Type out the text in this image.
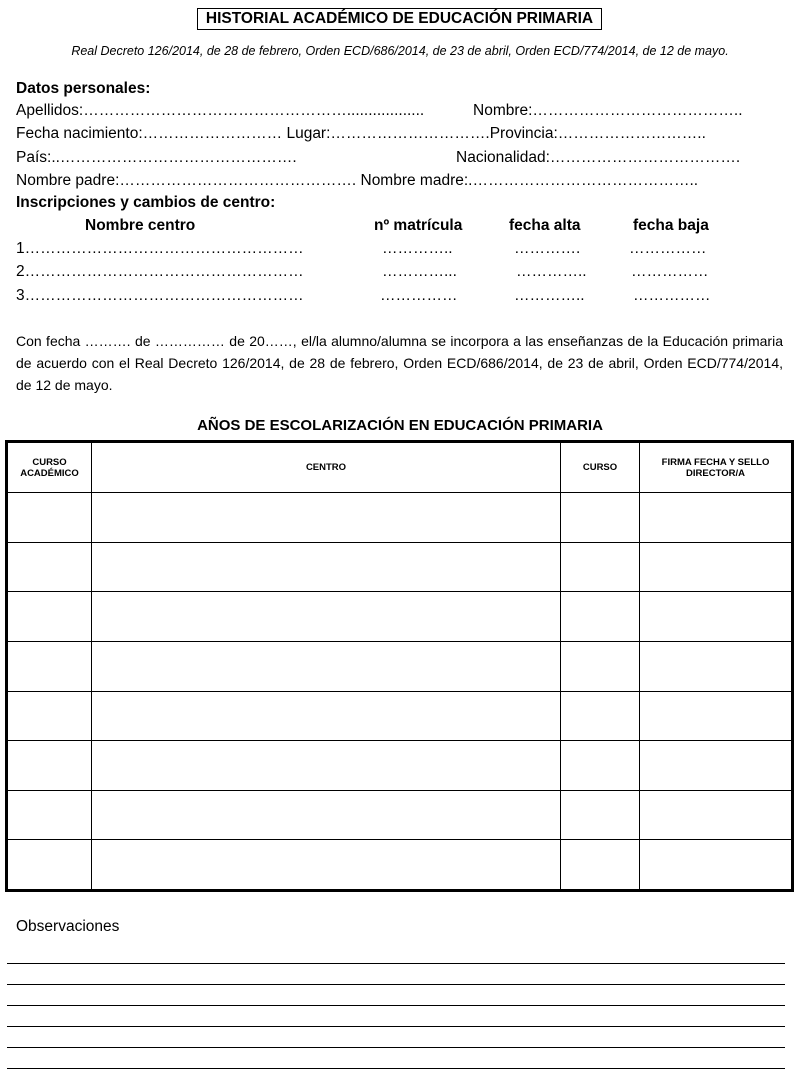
HISTORIAL ACADÉMICO DE EDUCACIÓN PRIMARIA
Real Decreto 126/2014, de 28 de febrero, Orden ECD/686/2014, de 23 de abril, Orden ECD/774/2014, de 12 de mayo.
Datos personales:
Apellidos:……………………………………………..................	Nombre:…………………………………..
Fecha nacimiento:……………………… Lugar:………………………….Provincia:………………………..
País:..……………………………………….	Nacionalidad:……………………………….
Nombre padre:………………………………………. Nombre madre:.……………………………………..
Inscripciones y cambios de centro:
Nombre centro	nº matrícula	fecha alta	fecha baja
1………………………………………………	…………..	………….	……………
2………………………………………………	…………...	…………..	……………
3………………………………………………	……………	…………..	……………
Con fecha ………. de …………… de 20……, el/la alumno/alumna se incorpora a las enseñanzas de la Educación primaria de acuerdo con el Real Decreto 126/2014, de 28 de febrero, Orden ECD/686/2014, de 23 de abril, Orden ECD/774/2014, de 12 de mayo.
AÑOS DE ESCOLARIZACIÓN EN EDUCACIÓN PRIMARIA
CURSO ACADÉMICO	CENTRO	CURSO	FIRMA FECHA Y SELLO DIRECTOR/A

Observaciones
